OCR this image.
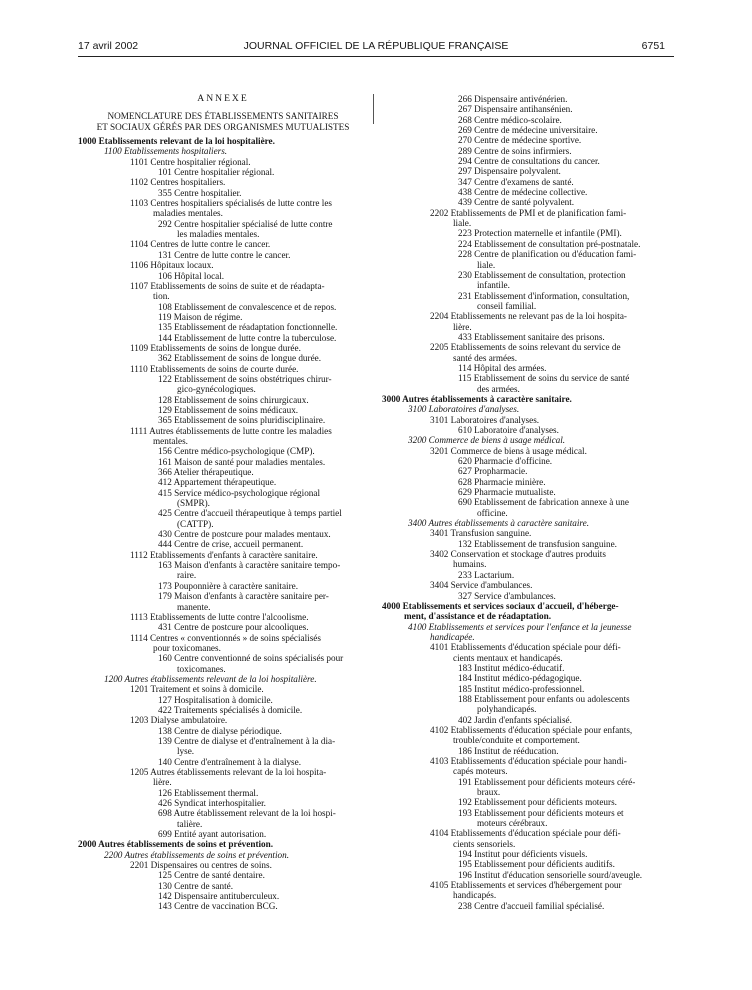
17 avril 2002	JOURNAL OFFICIEL DE LA RÉPUBLIQUE FRANÇAISE	6751
ANNEXE
NOMENCLATURE DES ÉTABLISSEMENTS SANITAIRES
ET SOCIAUX GÉRÉS PAR DES ORGANISMES MUTUALISTES
1000 Etablissements relevant de la loi hospitalière.
1100 Etablissements hospitaliers.
1101 Centre hospitalier régional.
101 Centre hospitalier régional.
1102 Centres hospitaliers.
355 Centre hospitalier.
1103 Centres hospitaliers spécialisés de lutte contre les
maladies mentales.
292 Centre hospitalier spécialisé de lutte contre
les maladies mentales.
1104 Centres de lutte contre le cancer.
131 Centre de lutte contre le cancer.
1106 Hôpitaux locaux.
106 Hôpital local.
1107 Etablissements de soins de suite et de réadapta-
tion.
108 Etablissement de convalescence et de repos.
119 Maison de régime.
135 Etablissement de réadaptation fonctionnelle.
144 Etablissement de lutte contre la tuberculose.
1109 Etablissements de soins de longue durée.
362 Etablissement de soins de longue durée.
1110 Etablissements de soins de courte durée.
122 Etablissement de soins obstétriques chirur-
gico-gynécologiques.
128 Etablissement de soins chirurgicaux.
129 Etablissement de soins médicaux.
365 Etablissement de soins pluridisciplinaire.
1111 Autres établissements de lutte contre les maladies
mentales.
156 Centre médico-psychologique (CMP).
161 Maison de santé pour maladies mentales.
366 Atelier thérapeutique.
412 Appartement thérapeutique.
415 Service médico-psychologique régional
(SMPR).
425 Centre d'accueil thérapeutique à temps partiel
(CATTP).
430 Centre de postcure pour malades mentaux.
444 Centre de crise, accueil permanent.
1112 Etablissements d'enfants à caractère sanitaire.
163 Maison d'enfants à caractère sanitaire tempo-
raire.
173 Pouponnière à caractère sanitaire.
179 Maison d'enfants à caractère sanitaire per-
manente.
1113 Etablissements de lutte contre l'alcoolisme.
431 Centre de postcure pour alcooliques.
1114 Centres « conventionnés » de soins spécialisés
pour toxicomanes.
160 Centre conventionné de soins spécialisés pour
toxicomanes.
1200 Autres établissements relevant de la loi hospitalière.
1201 Traitement et soins à domicile.
127 Hospitalisation à domicile.
422 Traitements spécialisés à domicile.
1203 Dialyse ambulatoire.
138 Centre de dialyse périodique.
139 Centre de dialyse et d'entraînement à la dia-
lyse.
140 Centre d'entraînement à la dialyse.
1205 Autres établissements relevant de la loi hospita-
lière.
126 Etablissement thermal.
426 Syndicat interhospitalier.
698 Autre établissement relevant de la loi hospi-
talière.
699 Entité ayant autorisation.
2000 Autres établissements de soins et prévention.
2200 Autres établissements de soins et prévention.
2201 Dispensaires ou centres de soins.
125 Centre de santé dentaire.
130 Centre de santé.
142 Dispensaire antituberculeux.
143 Centre de vaccination BCG.
266 Dispensaire antivénérien.
267 Dispensaire antihansénien.
268 Centre médico-scolaire.
269 Centre de médecine universitaire.
270 Centre de médecine sportive.
289 Centre de soins infirmiers.
294 Centre de consultations du cancer.
297 Dispensaire polyvalent.
347 Centre d'examens de santé.
438 Centre de médecine collective.
439 Centre de santé polyvalent.
2202 Etablissements de PMI et de planification fami-
liale.
223 Protection maternelle et infantile (PMI).
224 Etablissement de consultation pré-postnatale.
228 Centre de planification ou d'éducation fami-
liale.
230 Etablissement de consultation, protection
infantile.
231 Etablissement d'information, consultation,
conseil familial.
2204 Etablissements ne relevant pas de la loi hospita-
lière.
433 Etablissement sanitaire des prisons.
2205 Etablissements de soins relevant du service de
santé des armées.
114 Hôpital des armées.
115 Etablissement de soins du service de santé
des armées.
3000 Autres établissements à caractère sanitaire.
3100 Laboratoires d'analyses.
3101 Laboratoires d'analyses.
610 Laboratoire d'analyses.
3200 Commerce de biens à usage médical.
3201 Commerce de biens à usage médical.
620 Pharmacie d'officine.
627 Propharmacie.
628 Pharmacie minière.
629 Pharmacie mutualiste.
690 Etablissement de fabrication annexe à une
officine.
3400 Autres établissements à caractère sanitaire.
3401 Transfusion sanguine.
132 Etablissement de transfusion sanguine.
3402 Conservation et stockage d'autres produits
humains.
233 Lactarium.
3404 Service d'ambulances.
327 Service d'ambulances.
4000 Etablissements et services sociaux d'accueil, d'héberge-
ment, d'assistance et de réadaptation.
4100 Etablissements et services pour l'enfance et la jeunesse
handicapée.
4101 Etablissements d'éducation spéciale pour défi-
cients mentaux et handicapés.
183 Institut médico-éducatif.
184 Institut médico-pédagogique.
185 Institut médico-professionnel.
188 Etablissement pour enfants ou adolescents
polyhandicapés.
402 Jardin d'enfants spécialisé.
4102 Etablissements d'éducation spéciale pour enfants,
trouble/conduite et comportement.
186 Institut de rééducation.
4103 Etablissements d'éducation spéciale pour handi-
capés moteurs.
191 Etablissement pour déficients moteurs céré-
braux.
192 Etablissement pour déficients moteurs.
193 Etablissement pour déficients moteurs et
moteurs cérébraux.
4104 Etablissements d'éducation spéciale pour défi-
cients sensoriels.
194 Institut pour déficients visuels.
195 Etablissement pour déficients auditifs.
196 Institut d'éducation sensorielle sourd/aveugle.
4105 Etablissements et services d'hébergement pour
handicapés.
238 Centre d'accueil familial spécialisé.
